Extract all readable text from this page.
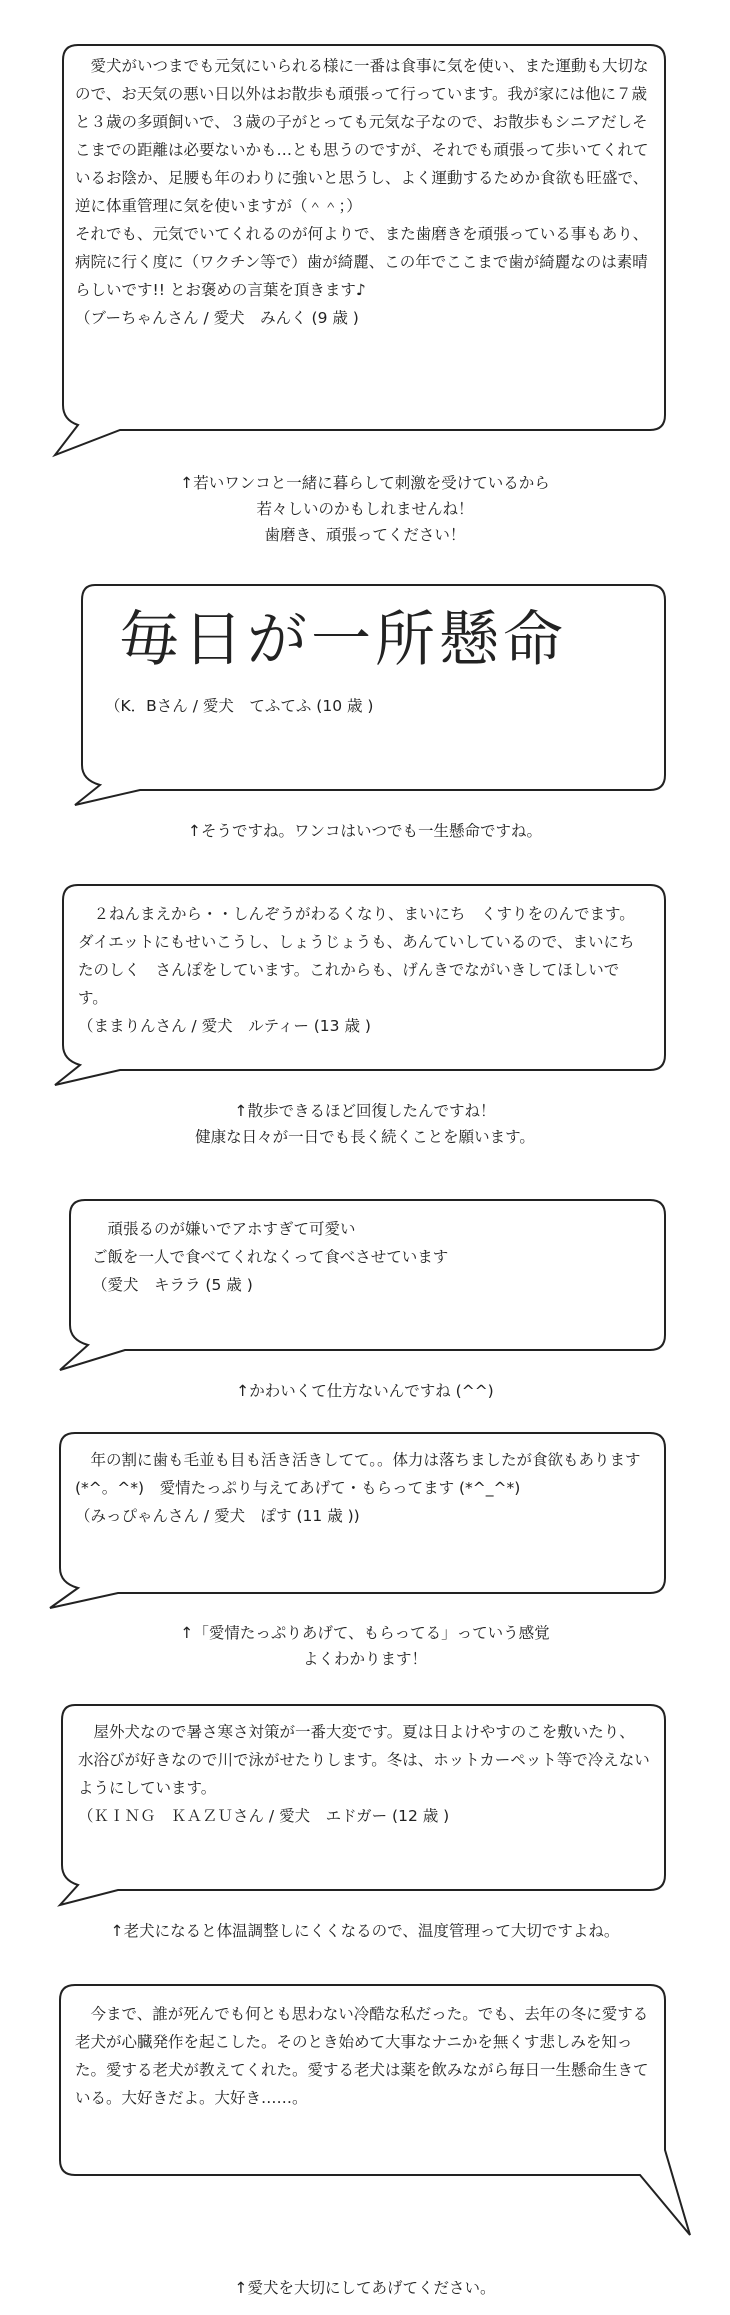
愛犬がいつまでも元気にいられる様に一番は食事に気を使い、また運動も大切なので、お天気の悪い日以外はお散歩も頑張って行っています。我が家には他に７歳と３歳の多頭飼いで、３歳の子がとっても元気な子なので、お散歩もシニアだしそこまでの距離は必要ないかも…とも思うのですが、それでも頑張って歩いてくれているお陰か、足腰も年のわりに強いと思うし、よく運動するためか食欲も旺盛で、逆に体重管理に気を使いますが（＾＾；）

それでも、元気でいてくれるのが何よりで、また歯磨きを頑張っている事もあり、病院に行く度に（ワクチン等で）歯が綺麗、この年でここまで歯が綺麗なのは素晴らしいです!! とお褒めの言葉を頂きます♪

（ブーちゃんさん / 愛犬　みんく (9 歳 )

↑若いワンコと一緒に暮らして刺激を受けているから

若々しいのかもしれませんね！

歯磨き、頑張ってください！

毎日が一所懸命

（K．Bさん / 愛犬　てふてふ (10 歳 )

↑そうですね。ワンコはいつでも一生懸命ですね。

２ねんまえから・・しんぞうがわるくなり、まいにち　くすりをのんでます。ダイエットにもせいこうし、しょうじょうも、あんていしているので、まいにち　たのしく　さんぽをしています。これからも、げんきでながいきしてほしいです。

（ままりんさん / 愛犬　ルティー (13 歳 )

↑散歩できるほど回復したんですね！

健康な日々が一日でも長く続くことを願います。

頑張るのが嫌いでアホすぎて可愛い

ご飯を一人で食べてくれなくって食べさせています

（愛犬　キララ (5 歳 )

↑かわいくて仕方ないんですね (^^)

年の割に歯も毛並も目も活き活きしてて。。体力は落ちましたが食欲もあります (*^。^*)　愛情たっぷり与えてあげて・もらってます (*^_^*)

（みっぴゃんさん / 愛犬　ぽす (11 歳 ))

↑「愛情たっぷりあげて、もらってる」っていう感覚

よくわかります！

屋外犬なので暑さ寒さ対策が一番大変です。夏は日よけやすのこを敷いたり、水浴びが好きなので川で泳がせたりします。冬は、ホットカーペット等で冷えないようにしています。

（ＫＩＮＧ　ＫＡＺＵさん / 愛犬　エドガー (12 歳 )

↑老犬になると体温調整しにくくなるので、温度管理って大切ですよね。

今まで、誰が死んでも何とも思わない冷酷な私だった。でも、去年の冬に愛する老犬が心臓発作を起こした。そのとき始めて大事なナニかを無くす悲しみを知った。愛する老犬が教えてくれた。愛する老犬は薬を飲みながら毎日一生懸命生きている。大好きだよ。大好き……。

↑愛犬を大切にしてあげてください。
